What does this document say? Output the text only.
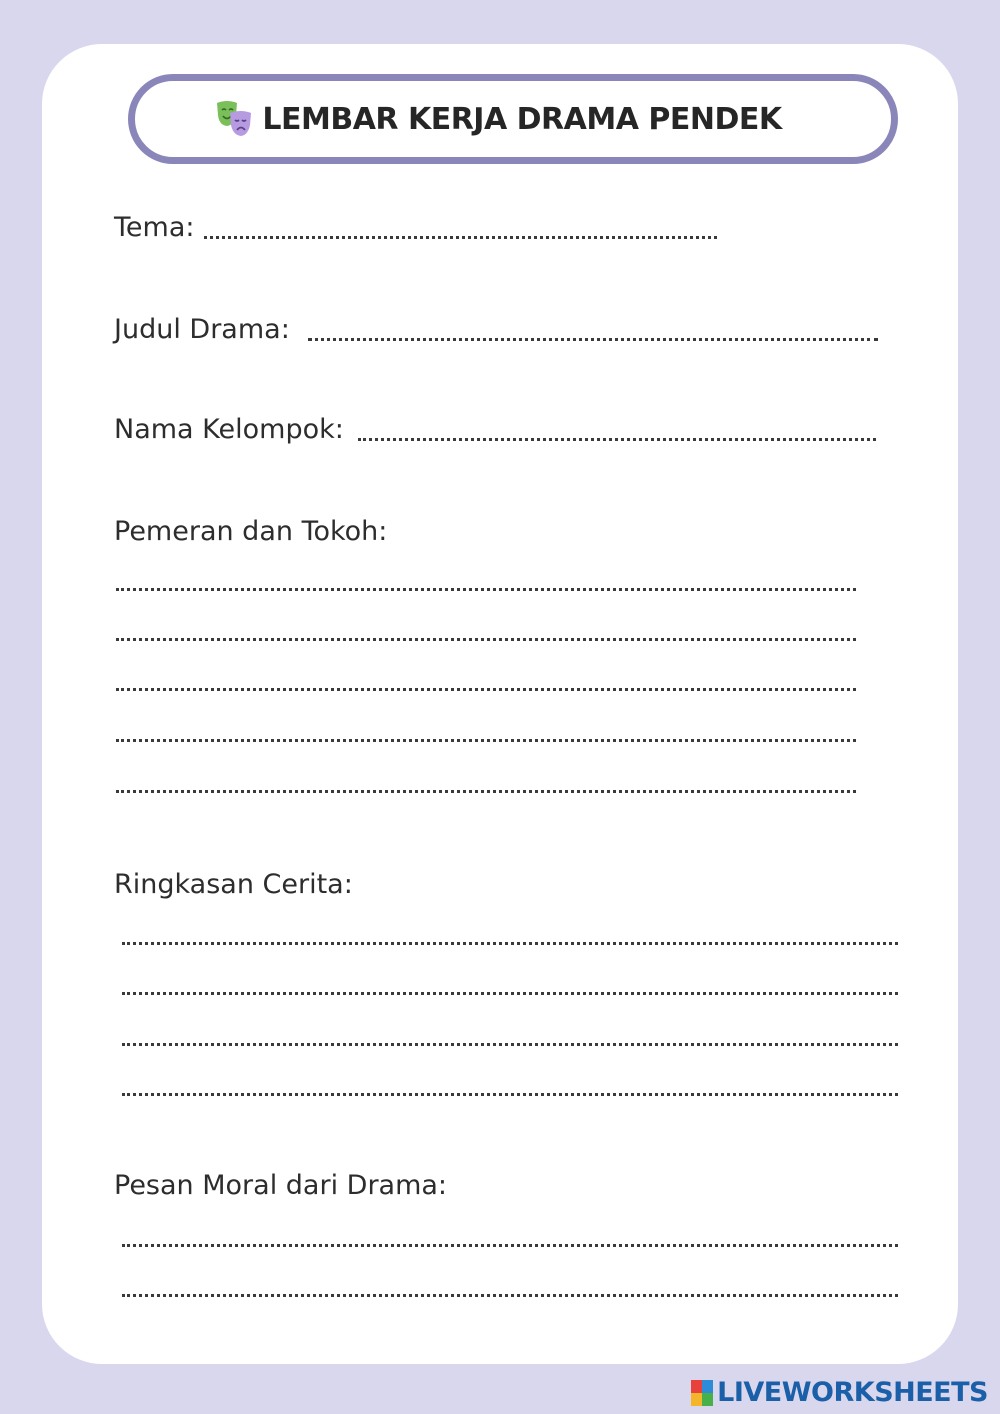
LEMBAR KERJA DRAMA PENDEK
Tema:
Judul Drama:
Nama Kelompok:
Pemeran dan Tokoh:
Ringkasan Cerita:
Pesan Moral dari Drama:
LIVEWORKSHEETS
